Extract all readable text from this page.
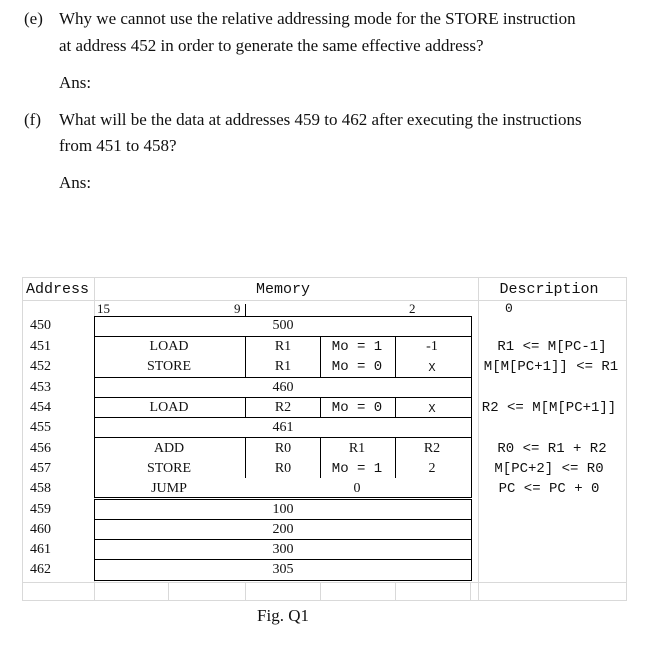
(e) Why we cannot use the relative addressing mode for the STORE instruction
at address 452 in order to generate the same effective address?
Ans:
(f) What will be the data at addresses 459 to 462 after executing the instructions
from 451 to 458?
Ans:
Address	Memory	Description
15	9	2	0
450	500
451	LOAD	R1	Mo = 1	-1	R1 <= M[PC-1]
452	STORE	R1	Mo = 0	X	M[M[PC+1]] <= R1
453	460
454	LOAD	R2	Mo = 0	X	R2 <= M[M[PC+1]]
455	461
456	ADD	R0	R1	R2	R0 <= R1 + R2
457	STORE	R0	Mo = 1	2	M[PC+2] <= R0
458	JUMP	0	PC <= PC + 0
459	100
460	200
461	300
462	305
Fig. Q1
